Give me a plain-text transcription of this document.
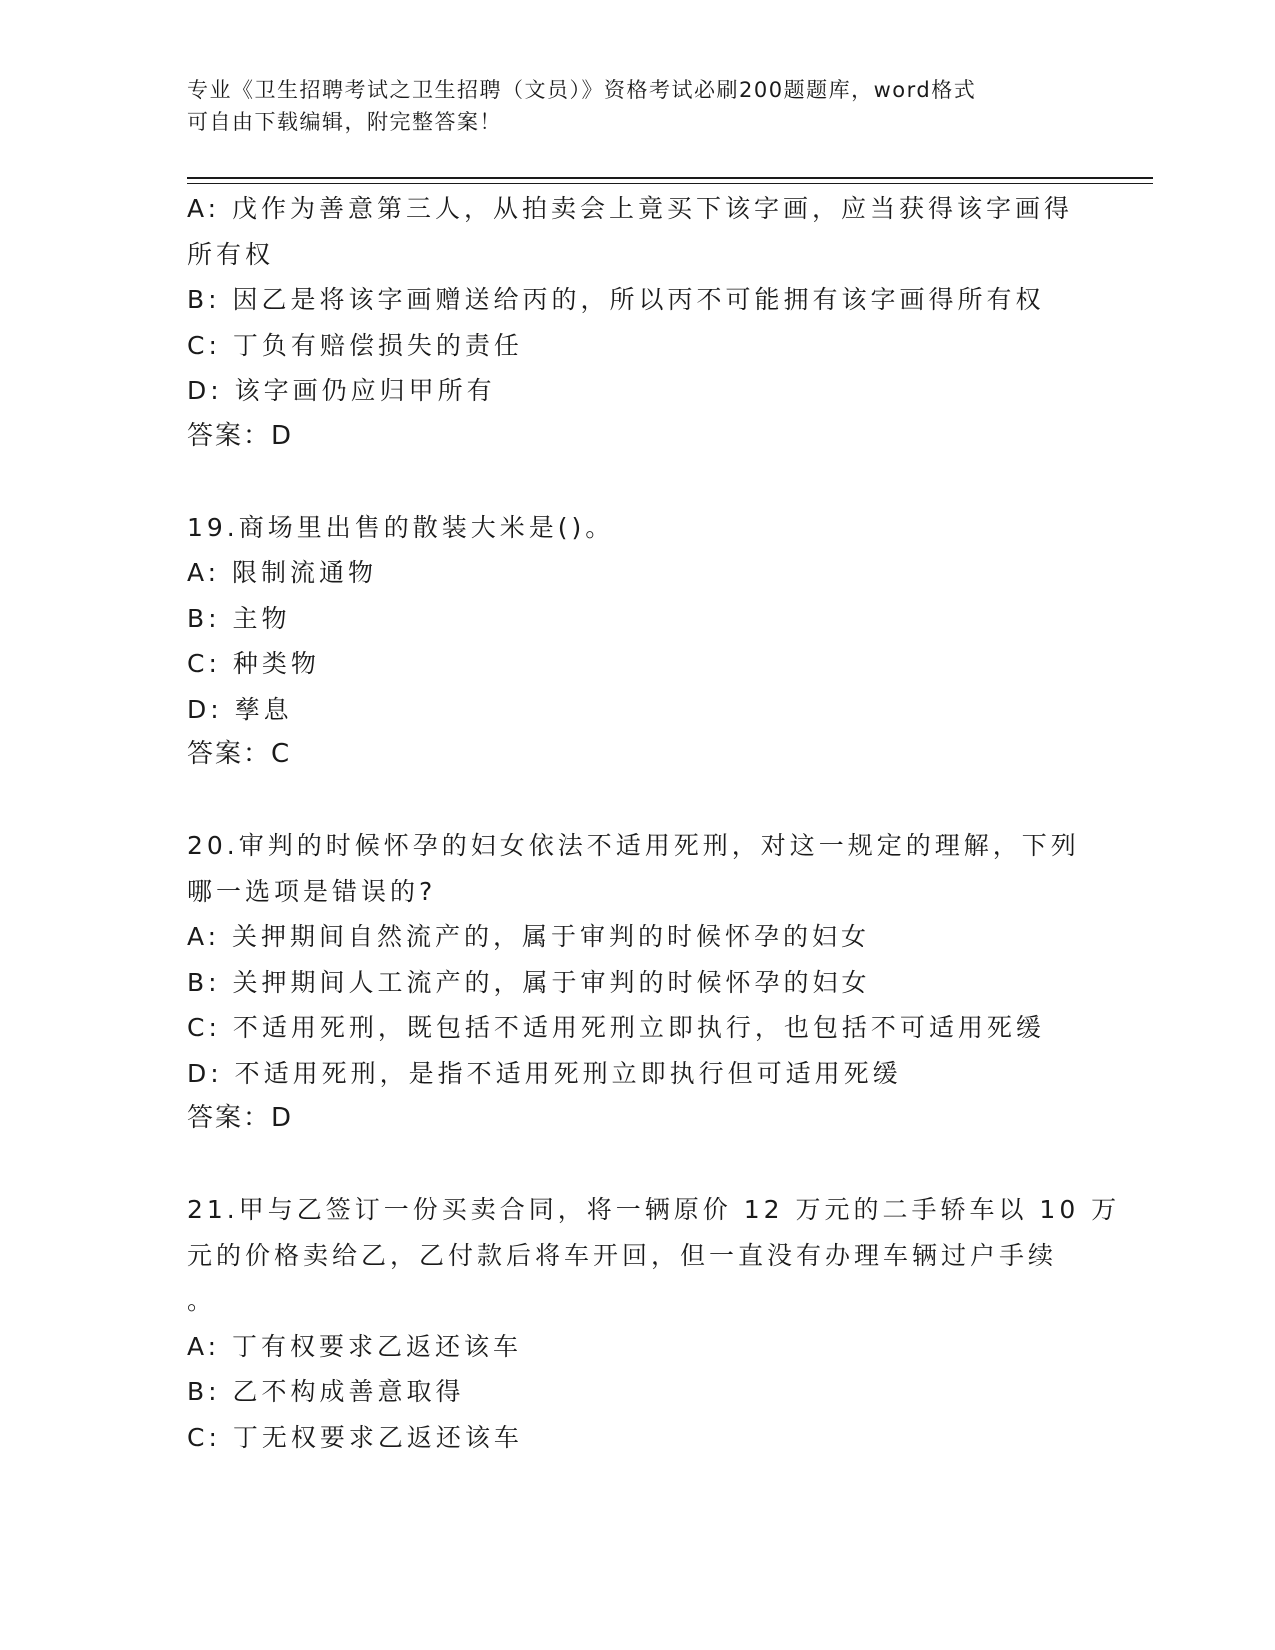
专业《卫生招聘考试之卫生招聘（文员）》资格考试必刷200题题库，word格式
可自由下载编辑，附完整答案！
A: 戊作为善意第三人，从拍卖会上竟买下该字画，应当获得该字画得
所有权
B: 因乙是将该字画赠送给丙的，所以丙不可能拥有该字画得所有权
C: 丁负有赔偿损失的责任
D: 该字画仍应归甲所有
答案：D
19.商场里出售的散装大米是()。
A: 限制流通物
B: 主物
C: 种类物
D: 孳息
答案：C
20.审判的时候怀孕的妇女依法不适用死刑，对这一规定的理解，下列
哪一选项是错误的?
A: 关押期间自然流产的，属于审判的时候怀孕的妇女
B: 关押期间人工流产的，属于审判的时候怀孕的妇女
C: 不适用死刑，既包括不适用死刑立即执行，也包括不可适用死缓
D: 不适用死刑，是指不适用死刑立即执行但可适用死缓
答案：D
21.甲与乙签订一份买卖合同，将一辆原价 12 万元的二手轿车以 10 万
元的价格卖给乙，乙付款后将车开回，但一直没有办理车辆过户手续
。
A: 丁有权要求乙返还该车
B: 乙不构成善意取得
C: 丁无权要求乙返还该车
